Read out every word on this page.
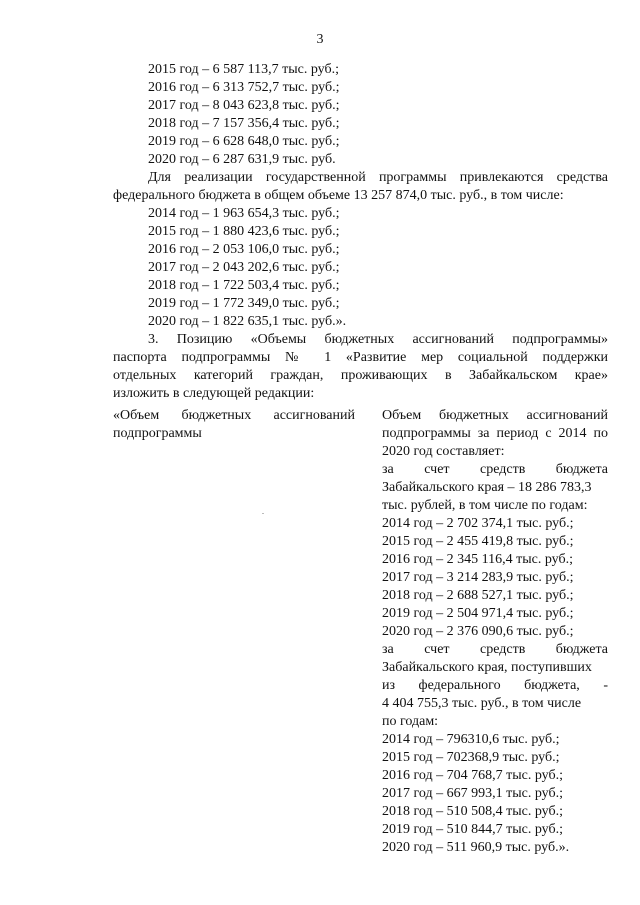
3
2015 год – 6 587 113,7 тыс. руб.;
2016 год – 6 313 752,7 тыс. руб.;
2017 год – 8 043 623,8 тыс. руб.;
2018 год – 7 157 356,4 тыс. руб.;
2019 год – 6 628 648,0 тыс. руб.;
2020 год – 6 287 631,9 тыс. руб.
Для реализации государственной программы привлекаются средства
федерального бюджета в общем объеме 13 257 874,0 тыс. руб., в том числе:
2014 год – 1 963 654,3 тыс. руб.;
2015 год – 1 880 423,6 тыс. руб.;
2016 год – 2 053 106,0 тыс. руб.;
2017 год – 2 043 202,6 тыс. руб.;
2018 год – 1 722 503,4 тыс. руб.;
2019 год – 1 772 349,0 тыс. руб.;
2020 год – 1 822 635,1 тыс. руб.».
3. Позицию «Объемы бюджетных ассигнований подпрограммы»
паспорта подпрограммы № 1 «Развитие мер социальной поддержки
отдельных категорий граждан, проживающих в Забайкальском крае»
изложить в следующей редакции:
«Объем бюджетных ассигнований
подпрограммы
Объем бюджетных ассигнований
подпрограммы за период с 2014 по
2020 год составляет:
за счет средств бюджета
Забайкальского края – 18 286 783,3
тыс. рублей, в том числе по годам:
2014 год – 2 702 374,1 тыс. руб.;
2015 год – 2 455 419,8 тыс. руб.;
2016 год – 2 345 116,4 тыс. руб.;
2017 год – 3 214 283,9 тыс. руб.;
2018 год – 2 688 527,1 тыс. руб.;
2019 год – 2 504 971,4 тыс. руб.;
2020 год – 2 376 090,6 тыс. руб.;
за счет средств бюджета
Забайкальского края, поступивших
из федерального бюджета, -
4 404 755,3 тыс. руб., в том числе
по годам:
2014 год – 796310,6 тыс. руб.;
2015 год – 702368,9 тыс. руб.;
2016 год – 704 768,7 тыс. руб.;
2017 год – 667 993,1 тыс. руб.;
2018 год – 510 508,4 тыс. руб.;
2019 год – 510 844,7 тыс. руб.;
2020 год – 511 960,9 тыс. руб.».
